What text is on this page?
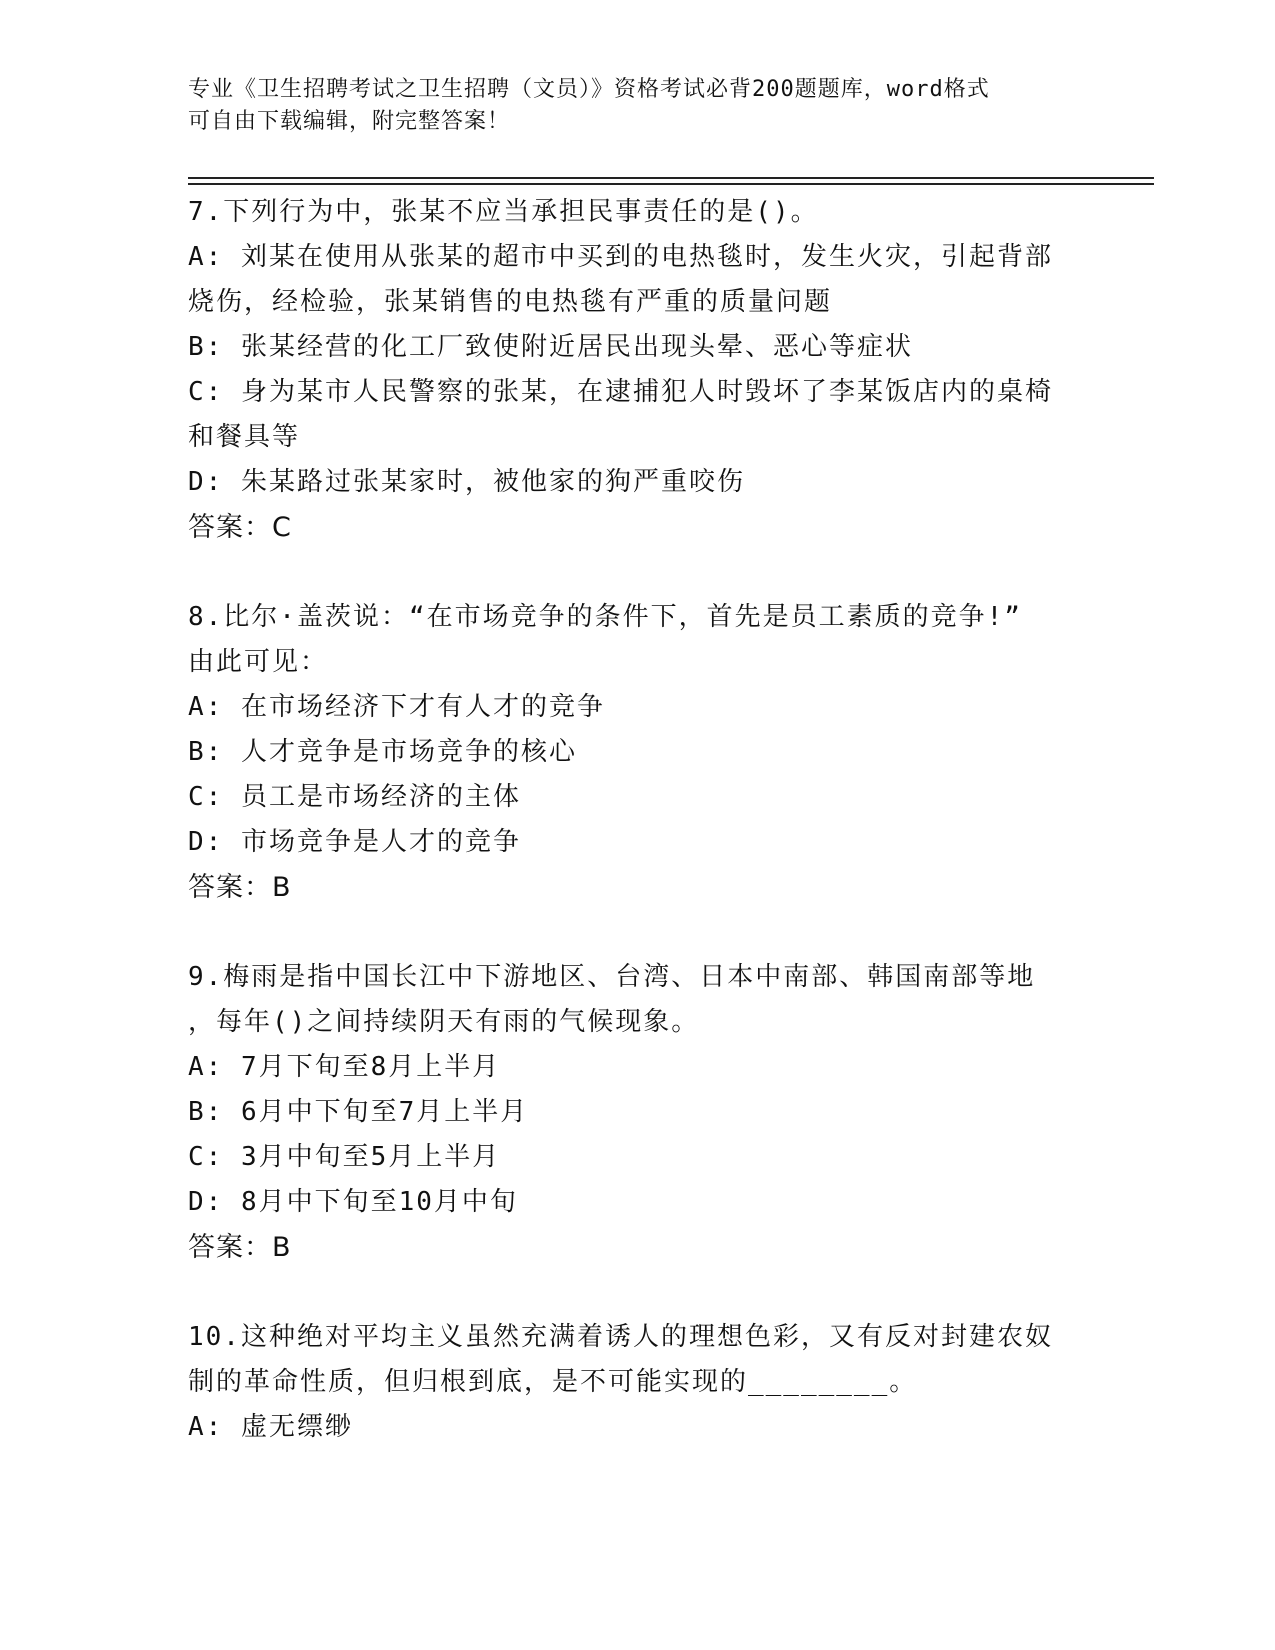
专业《卫生招聘考试之卫生招聘（文员）》资格考试必背200题题库，word格式
可自由下载编辑，附完整答案！
7.下列行为中，张某不应当承担民事责任的是()。
A: 刘某在使用从张某的超市中买到的电热毯时，发生火灾，引起背部
烧伤，经检验，张某销售的电热毯有严重的质量问题
B: 张某经营的化工厂致使附近居民出现头晕、恶心等症状
C: 身为某市人民警察的张某，在逮捕犯人时毁坏了李某饭店内的桌椅
和餐具等
D: 朱某路过张某家时，被他家的狗严重咬伤
答案：C
8.比尔·盖茨说：“在市场竞争的条件下，首先是员工素质的竞争!”
由此可见：
A: 在市场经济下才有人才的竞争
B: 人才竞争是市场竞争的核心
C: 员工是市场经济的主体
D: 市场竞争是人才的竞争
答案：B
9.梅雨是指中国长江中下游地区、台湾、日本中南部、韩国南部等地
，每年()之间持续阴天有雨的气候现象。
A: 7月下旬至8月上半月
B: 6月中下旬至7月上半月
C: 3月中旬至5月上半月
D: 8月中下旬至10月中旬
答案：B
10.这种绝对平均主义虽然充满着诱人的理想色彩，又有反对封建农奴
制的革命性质，但归根到底，是不可能实现的________。
A: 虚无缥缈
